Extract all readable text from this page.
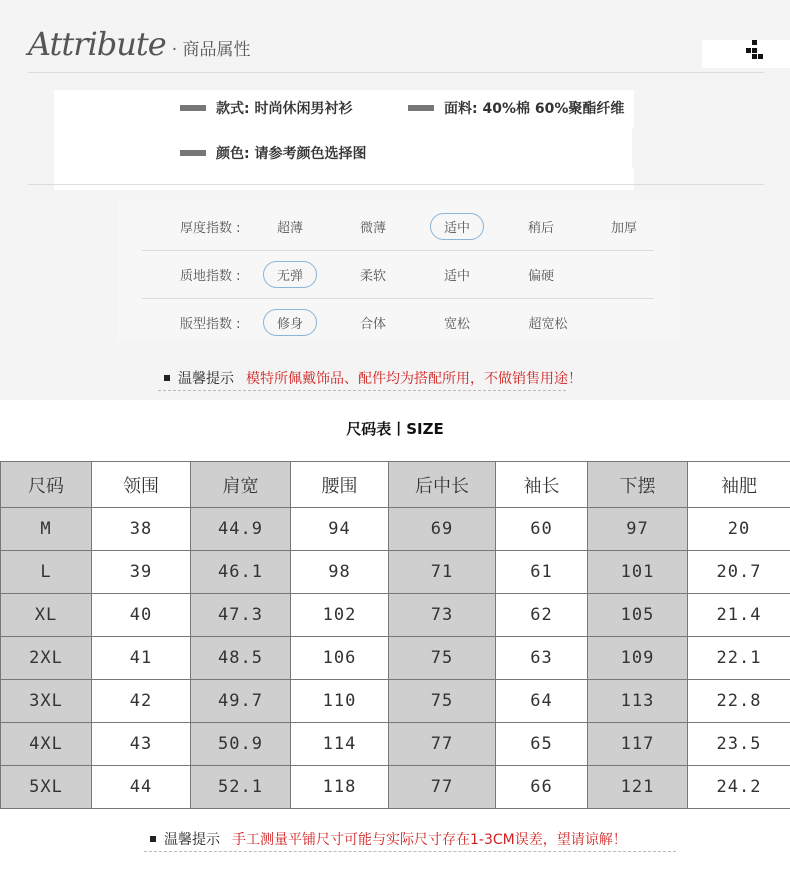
Attribute · 商品属性
款式: 时尚休闲男衬衫	面料: 40%棉 60%聚酯纤维
颜色: 请参考颜色选择图
厚度指数 :	超薄	微薄	适中	稍后	加厚
质地指数 :	无弹	柔软	适中	偏硬
版型指数 :	修身	合体	宽松	超宽松
温馨提示 模特所佩戴饰品、配件均为搭配所用，不做销售用途！
尺码表丨SIZE
尺码	领围	肩宽	腰围	后中长	袖长	下摆	袖肥
M	38	44.9	94	69	60	97	20
L	39	46.1	98	71	61	101	20.7
XL	40	47.3	102	73	62	105	21.4
2XL	41	48.5	106	75	63	109	22.1
3XL	42	49.7	110	75	64	113	22.8
4XL	43	50.9	114	77	65	117	23.5
5XL	44	52.1	118	77	66	121	24.2
温馨提示 手工测量平铺尺寸可能与实际尺寸存在1-3CM误差，望请谅解！
